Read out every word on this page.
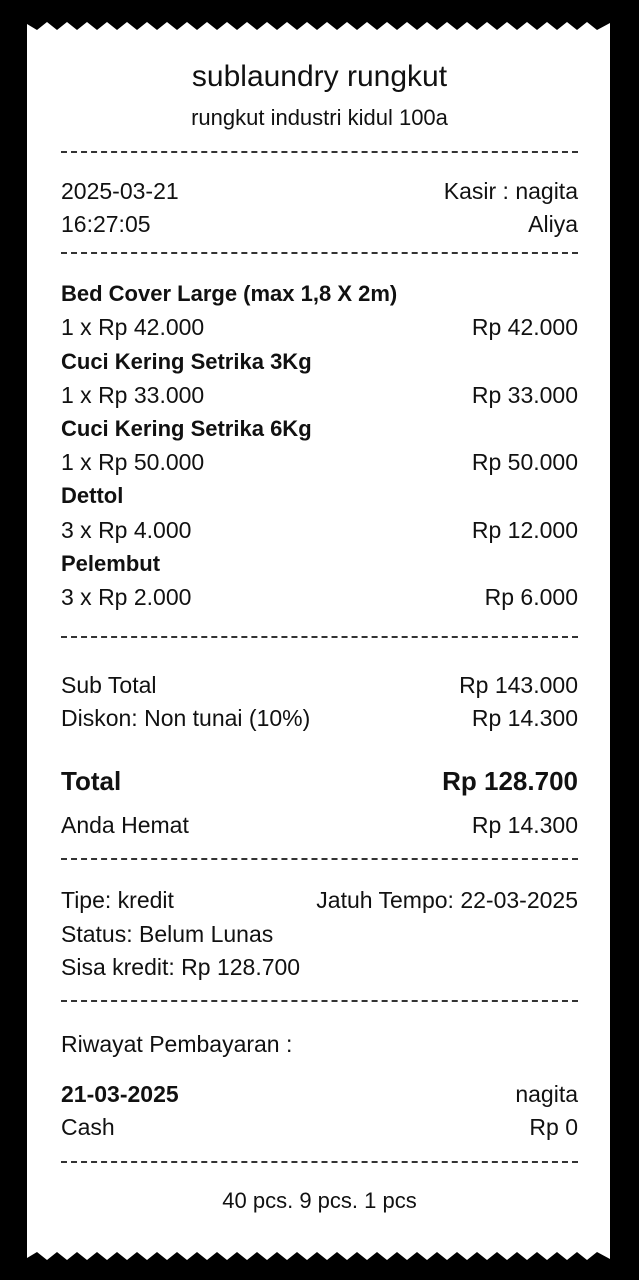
sublaundry rungkut
rungkut industri kidul 100a
2025-03-21	Kasir : nagita
16:27:05	Aliya
Bed Cover Large (max 1,8 X 2m)
1 x Rp 42.000	Rp 42.000
Cuci Kering Setrika 3Kg
1 x Rp 33.000	Rp 33.000
Cuci Kering Setrika 6Kg
1 x Rp 50.000	Rp 50.000
Dettol
3 x Rp 4.000	Rp 12.000
Pelembut
3 x Rp 2.000	Rp 6.000
Sub Total	Rp 143.000
Diskon: Non tunai (10%)	Rp 14.300
Total	Rp 128.700
Anda Hemat	Rp 14.300
Tipe: kredit	Jatuh Tempo: 22-03-2025
Status: Belum Lunas
Sisa kredit: Rp 128.700
Riwayat Pembayaran :
21-03-2025	nagita
Cash	Rp 0
40 pcs. 9 pcs. 1 pcs
